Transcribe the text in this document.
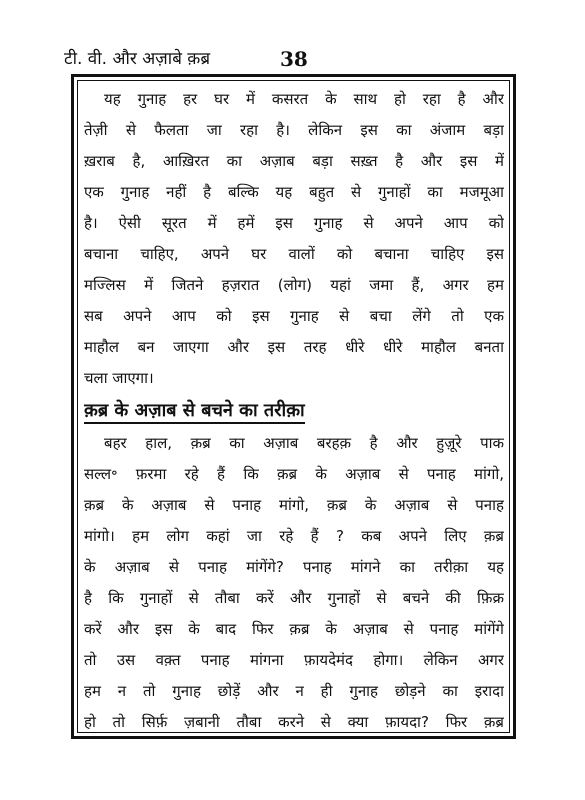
टी. वी. और अज़ाबे क़ब्र	38
यह गुनाह हर घर में कसरत के साथ हो रहा है और
तेज़ी से फैलता जा रहा है। लेकिन इस का अंजाम बड़ा
ख़राब है, आख़िरत का अज़ाब बड़ा सख़्त है और इस में
एक गुनाह नहीं है बल्कि यह बहुत से गुनाहों का मजमूआ
है। ऐसी सूरत में हमें इस गुनाह से अपने आप को
बचाना चाहिए, अपने घर वालों को बचाना चाहिए इस
मज्लिस में जितने हज़रात (लोग) यहां जमा हैं, अगर हम
सब अपने आप को इस गुनाह से बचा लेंगे तो एक
माहौल बन जाएगा और इस तरह धीरे धीरे माहौल बनता
चला जाएगा।
क़ब्र के अज़ाब से बचने का तरीक़ा
बहर हाल, क़ब्र का अज़ाब बरहक़ है और हुज़ूरे पाक
सल्ल॰ फ़रमा रहे हैं कि क़ब्र के अज़ाब से पनाह मांगो,
क़ब्र के अज़ाब से पनाह मांगो, क़ब्र के अज़ाब से पनाह
मांगो। हम लोग कहां जा रहे हैं ? कब अपने लिए क़ब्र
के अज़ाब से पनाह मांगेंगे? पनाह मांगने का तरीक़ा यह
है कि गुनाहों से तौबा करें और गुनाहों से बचने की फ़िक्र
करें और इस के बाद फिर क़ब्र के अज़ाब से पनाह मांगेंगे
तो उस वक़्त पनाह मांगना फ़ायदेमंद होगा। लेकिन अगर
हम न तो गुनाह छोड़ें और न ही गुनाह छोड़ने का इरादा
हो तो सिर्फ़ ज़बानी तौबा करने से क्या फ़ायदा? फिर क़ब्र
